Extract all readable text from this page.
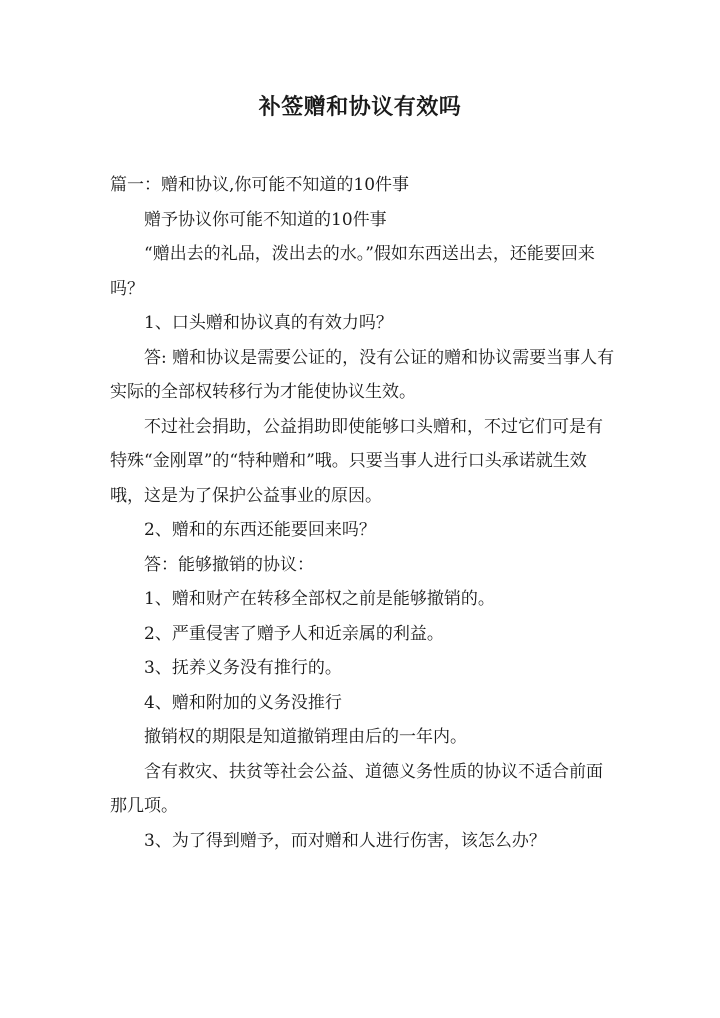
补签赠和协议有效吗

篇一：赠和协议,你可能不知道的10件事

赠予协议你可能不知道的10件事

“赠出去的礼品，泼出去的水。”假如东西送出去，还能要回来吗？

1、口头赠和协议真的有效力吗？

答: 赠和协议是需要公证的，没有公证的赠和协议需要当事人有实际的全部权转移行为才能使协议生效。

不过社会捐助，公益捐助即使能够口头赠和，不过它们可是有特殊“金刚罩”的“特种赠和”哦。只要当事人进行口头承诺就生效哦，这是为了保护公益事业的原因。

2、赠和的东西还能要回来吗？

答：能够撤销的协议：

1、赠和财产在转移全部权之前是能够撤销的。

2、严重侵害了赠予人和近亲属的利益。

3、抚养义务没有推行的。

4、赠和附加的义务没推行

撤销权的期限是知道撤销理由后的一年内。

含有救灾、扶贫等社会公益、道德义务性质的协议不适合前面那几项。

3、为了得到赠予，而对赠和人进行伤害，该怎么办？
